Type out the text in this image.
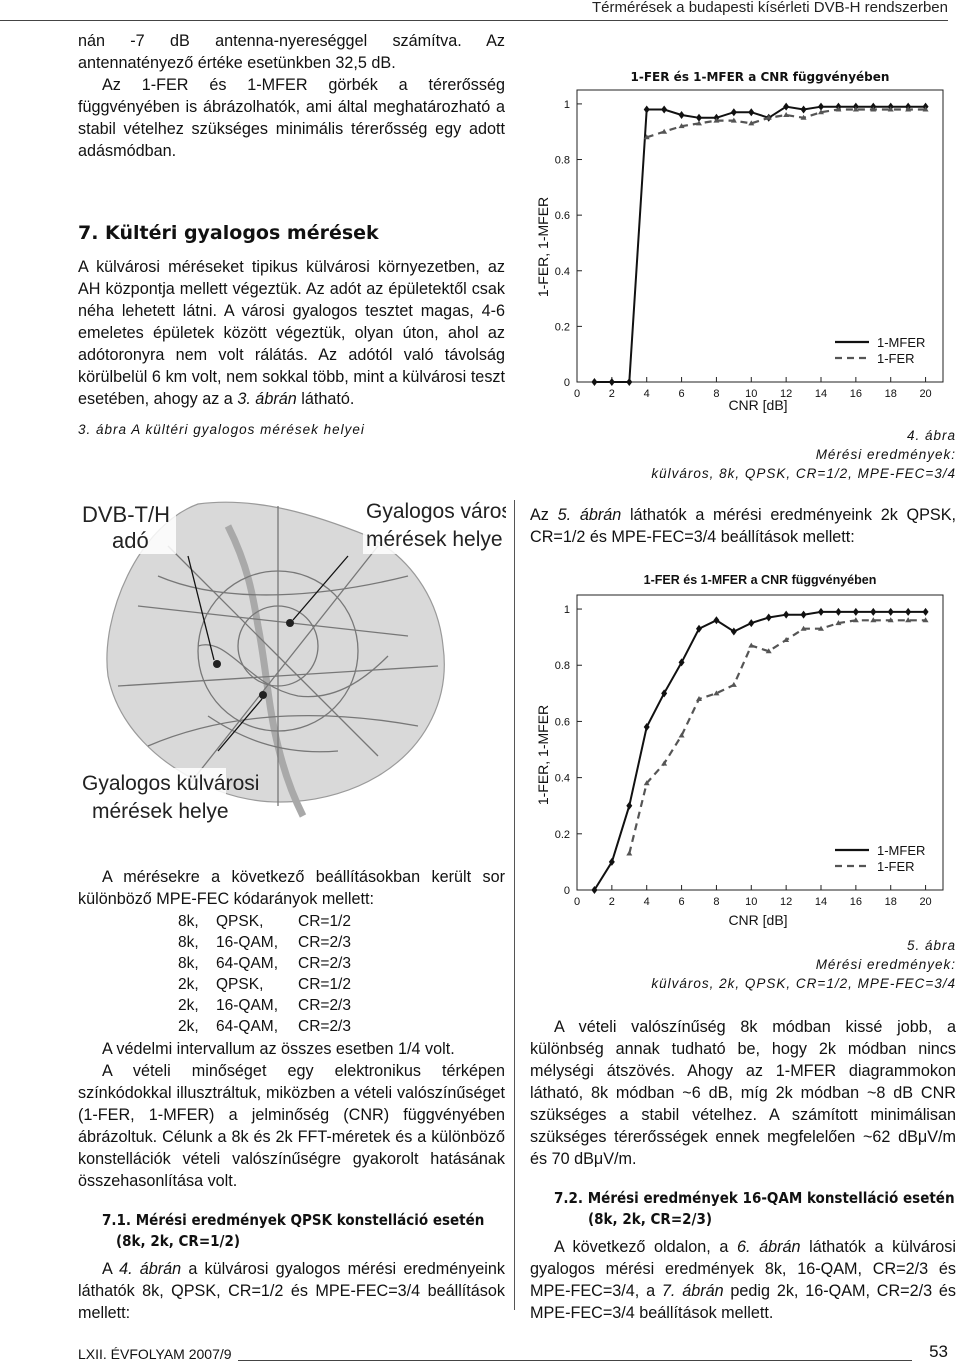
Térmérések a budapesti kísérleti DVB-H rendszerben

nán -7 dB antenna-nyereséggel számítva. Az antennatényező értéke esetünkben 32,5 dB.

Az 1-FER és 1-MFER görbék a térerősség függvényében is ábrázolhatók, ami által meghatározható a stabil vételhez szükséges minimális térerősség egy adott adásmódban.

7. Kültéri gyalogos mérések

A külvárosi méréseket tipikus külvárosi környezetben, az AH központja mellett végeztük. Az adót az épületektől csak néha lehetett látni. A városi gyalogos tesztet magas, 4-6 emeletes épületek között végeztük, olyan úton, ahol az adótoronyra nem volt rálátás. Az adótól való távolság körülbelül 6 km volt, nem sokkal több, mint a külvárosi teszt esetében, ahogy az a 3. ábrán látható.

3. ábra A kültéri gyalogos mérések helyei

DVB-T/H
adó
Gyalogos városi
mérések helye
Gyalogos külvárosi
mérések helye

A mérésekre a következő beállításokban került sor különböző MPE-FEC kódarányok mellett:

8k, QPSK, CR=1/2
8k, 16-QAM, CR=2/3
8k, 64-QAM, CR=2/3
2k, QPSK, CR=1/2
2k, 16-QAM, CR=2/3
2k, 64-QAM, CR=2/3

A védelmi intervallum az összes esetben 1/4 volt.

A vételi minőséget egy elektronikus térképen színkódokkal illusztráltuk, miközben a vételi valószínűséget (1-FER, 1-MFER) a jelminőség (CNR) függvényében ábrázoltuk. Célunk a 8k és 2k FFT-méretek és a különböző konstellációk vételi valószínűségre gyakorolt hatásának összehasonlítása volt.

7.1. Mérési eredmények QPSK konstelláció esetén
(8k, 2k, CR=1/2)

A 4. ábrán a külvárosi gyalogos mérési eredményeink láthatók 8k, QPSK, CR=1/2 és MPE-FEC=3/4 beállítások mellett:

1-FER és 1-MFER a CNR függvényében
1-FER, 1-MFER
CNR [dB]
0	2	4	6	8 10 12 14 16 18 20
0
0.2
0.4
0.6
0.8
1
1-MFER
1-FER

4. ábra

Mérési eredmények:

külváros, 8k, QPSK, CR=1/2, MPE-FEC=3/4

Az 5. ábrán láthatók a mérési eredményeink 2k QPSK, CR=1/2 és MPE-FEC=3/4 beállítások mellett:

1-FER és 1-MFER a CNR függvényében
1-FER, 1-MFER
CNR [dB]
0	2	4	6	8 10 12 14 16 18 20
0
0.2
0.4
0.6
0.8
1
1-MFER
1-FER

5. ábra

Mérési eredmények:

külváros, 2k, QPSK, CR=1/2, MPE-FEC=3/4

A vételi valószínűség 8k módban kissé jobb, a különbség annak tudható be, hogy 2k módban nincs mélységi átszövés. Ahogy az 1-MFER diagrammokon látható, 8k módban ~6 dB, míg 2k módban ~8 dB CNR szükséges a stabil vételhez. A számított minimálisan szükséges térerősségek ennek megfelelően ~62 dBμV/m és 70 dBμV/m.

7.2. Mérési eredmények 16-QAM konstelláció esetén
(8k, 2k, CR=2/3)

A következő oldalon, a 6. ábrán láthatók a külvárosi gyalogos mérési eredmények 8k, 16-QAM, CR=2/3 és MPE-FEC=3/4, a 7. ábrán pedig 2k, 16-QAM, CR=2/3 és MPE-FEC=3/4 beállítások mellett.

LXII. ÉVFOLYAM 2007/9	53
